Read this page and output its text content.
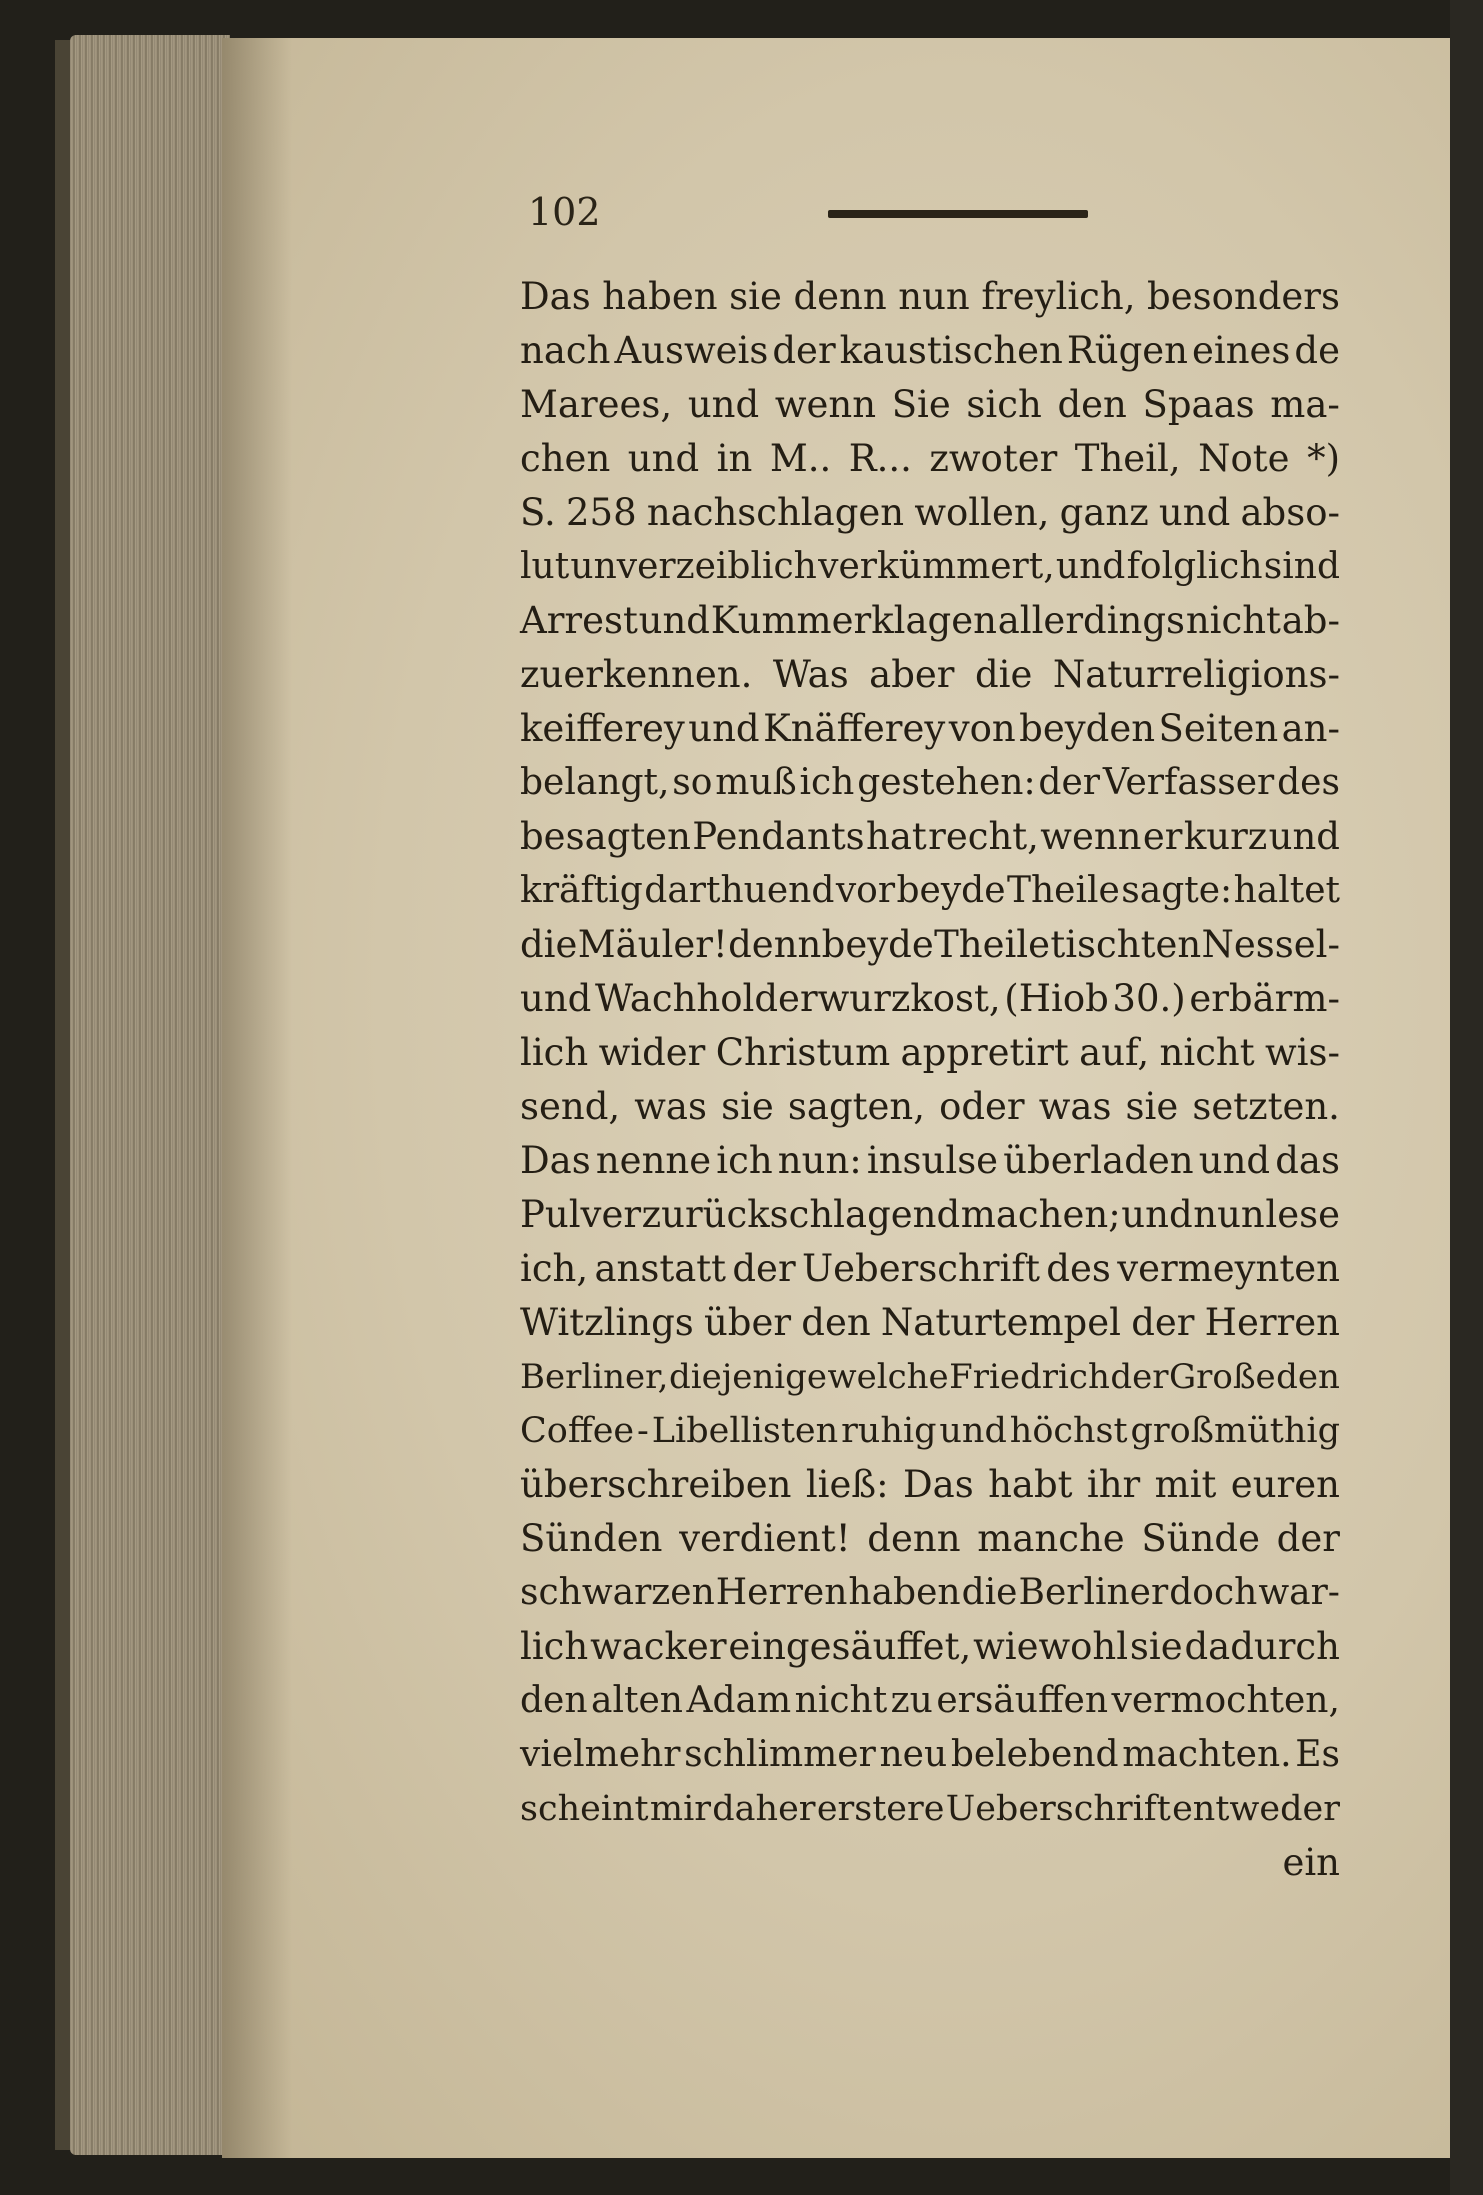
102
Das haben sie denn nun freylich, besonders
nach Ausweis der kaustischen Rügen eines de
Marees, und wenn Sie sich den Spaas ma-
chen und in M.. R... zwoter Theil, Note *)
S. 258 nachschlagen wollen, ganz und abso-
lut unverzeiblich verkümmert, und folglich sind
Arrest und Kummerklagen allerdings nicht ab-
zuerkennen. Was aber die Naturreligions-
keifferey und Knäfferey von beyden Seiten an-
belangt, so muß ich gestehen: der Verfasser des
besagten Pendants hat recht, wenn er kurz und
kräftig darthuend vor beyde Theile sagte: haltet
die Mäuler! denn beyde Theile tischten Nessel-
und Wachholderwurzkost, (Hiob 30.) erbärm-
lich wider Christum appretirt auf, nicht wis-
send, was sie sagten, oder was sie setzten.
Das nenne ich nun: insulse überladen und das
Pulver zurückschlagend machen; und nun lese
ich, anstatt der Ueberschrift des vermeynten
Witzlings über den Naturtempel der Herren
Berliner, diejenige welche Friedrich der Große den
Coffee - Libellisten ruhig und höchst großmüthig
überschreiben ließ: Das habt ihr mit euren
Sünden verdient! denn manche Sünde der
schwarzen Herren haben die Berliner doch war-
lich wacker eingesäuffet, wiewohl sie dadurch
den alten Adam nicht zu ersäuffen vermochten,
vielmehr schlimmer neu belebend machten. Es
scheint mir daher erstere Ueberschrift entweder
ein
